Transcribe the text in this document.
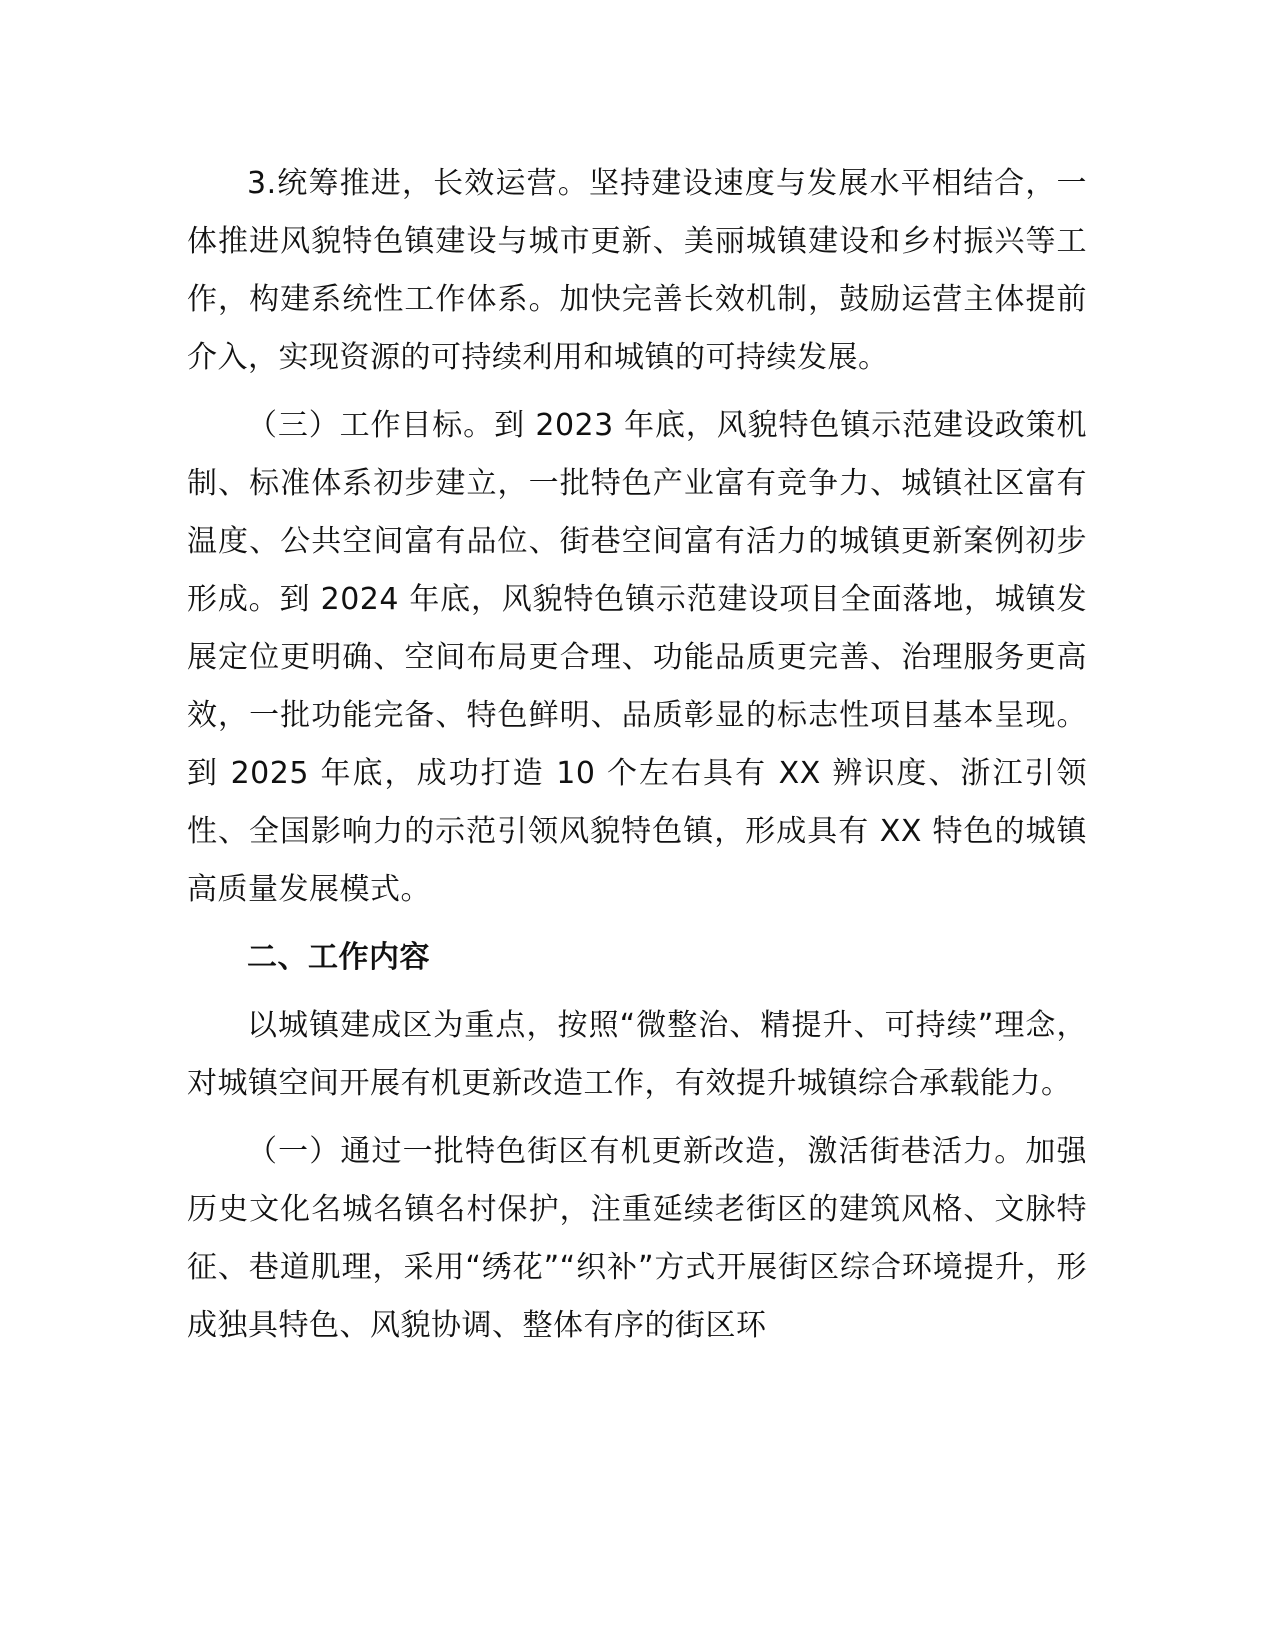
3.统筹推进，长效运营。坚持建设速度与发展水平相结合，一体推进风貌特色镇建设与城市更新、美丽城镇建设和乡村振兴等工作，构建系统性工作体系。加快完善长效机制，鼓励运营主体提前介入，实现资源的可持续利用和城镇的可持续发展。

（三）工作目标。到 2023 年底，风貌特色镇示范建设政策机制、标准体系初步建立，一批特色产业富有竞争力、城镇社区富有温度、公共空间富有品位、街巷空间富有活力的城镇更新案例初步形成。到 2024 年底，风貌特色镇示范建设项目全面落地，城镇发展定位更明确、空间布局更合理、功能品质更完善、治理服务更高效，一批功能完备、特色鲜明、品质彰显的标志性项目基本呈现。到 2025 年底，成功打造 10 个左右具有 XX 辨识度、浙江引领性、全国影响力的示范引领风貌特色镇，形成具有 XX 特色的城镇高质量发展模式。

二、工作内容

以城镇建成区为重点，按照“微整治、精提升、可持续”理念，对城镇空间开展有机更新改造工作，有效提升城镇综合承载能力。

（一）通过一批特色街区有机更新改造，激活街巷活力。加强历史文化名城名镇名村保护，注重延续老街区的建筑风格、文脉特征、巷道肌理，采用“绣花”“织补”方式开展街区综合环境提升，形成独具特色、风貌协调、整体有序的街区环
